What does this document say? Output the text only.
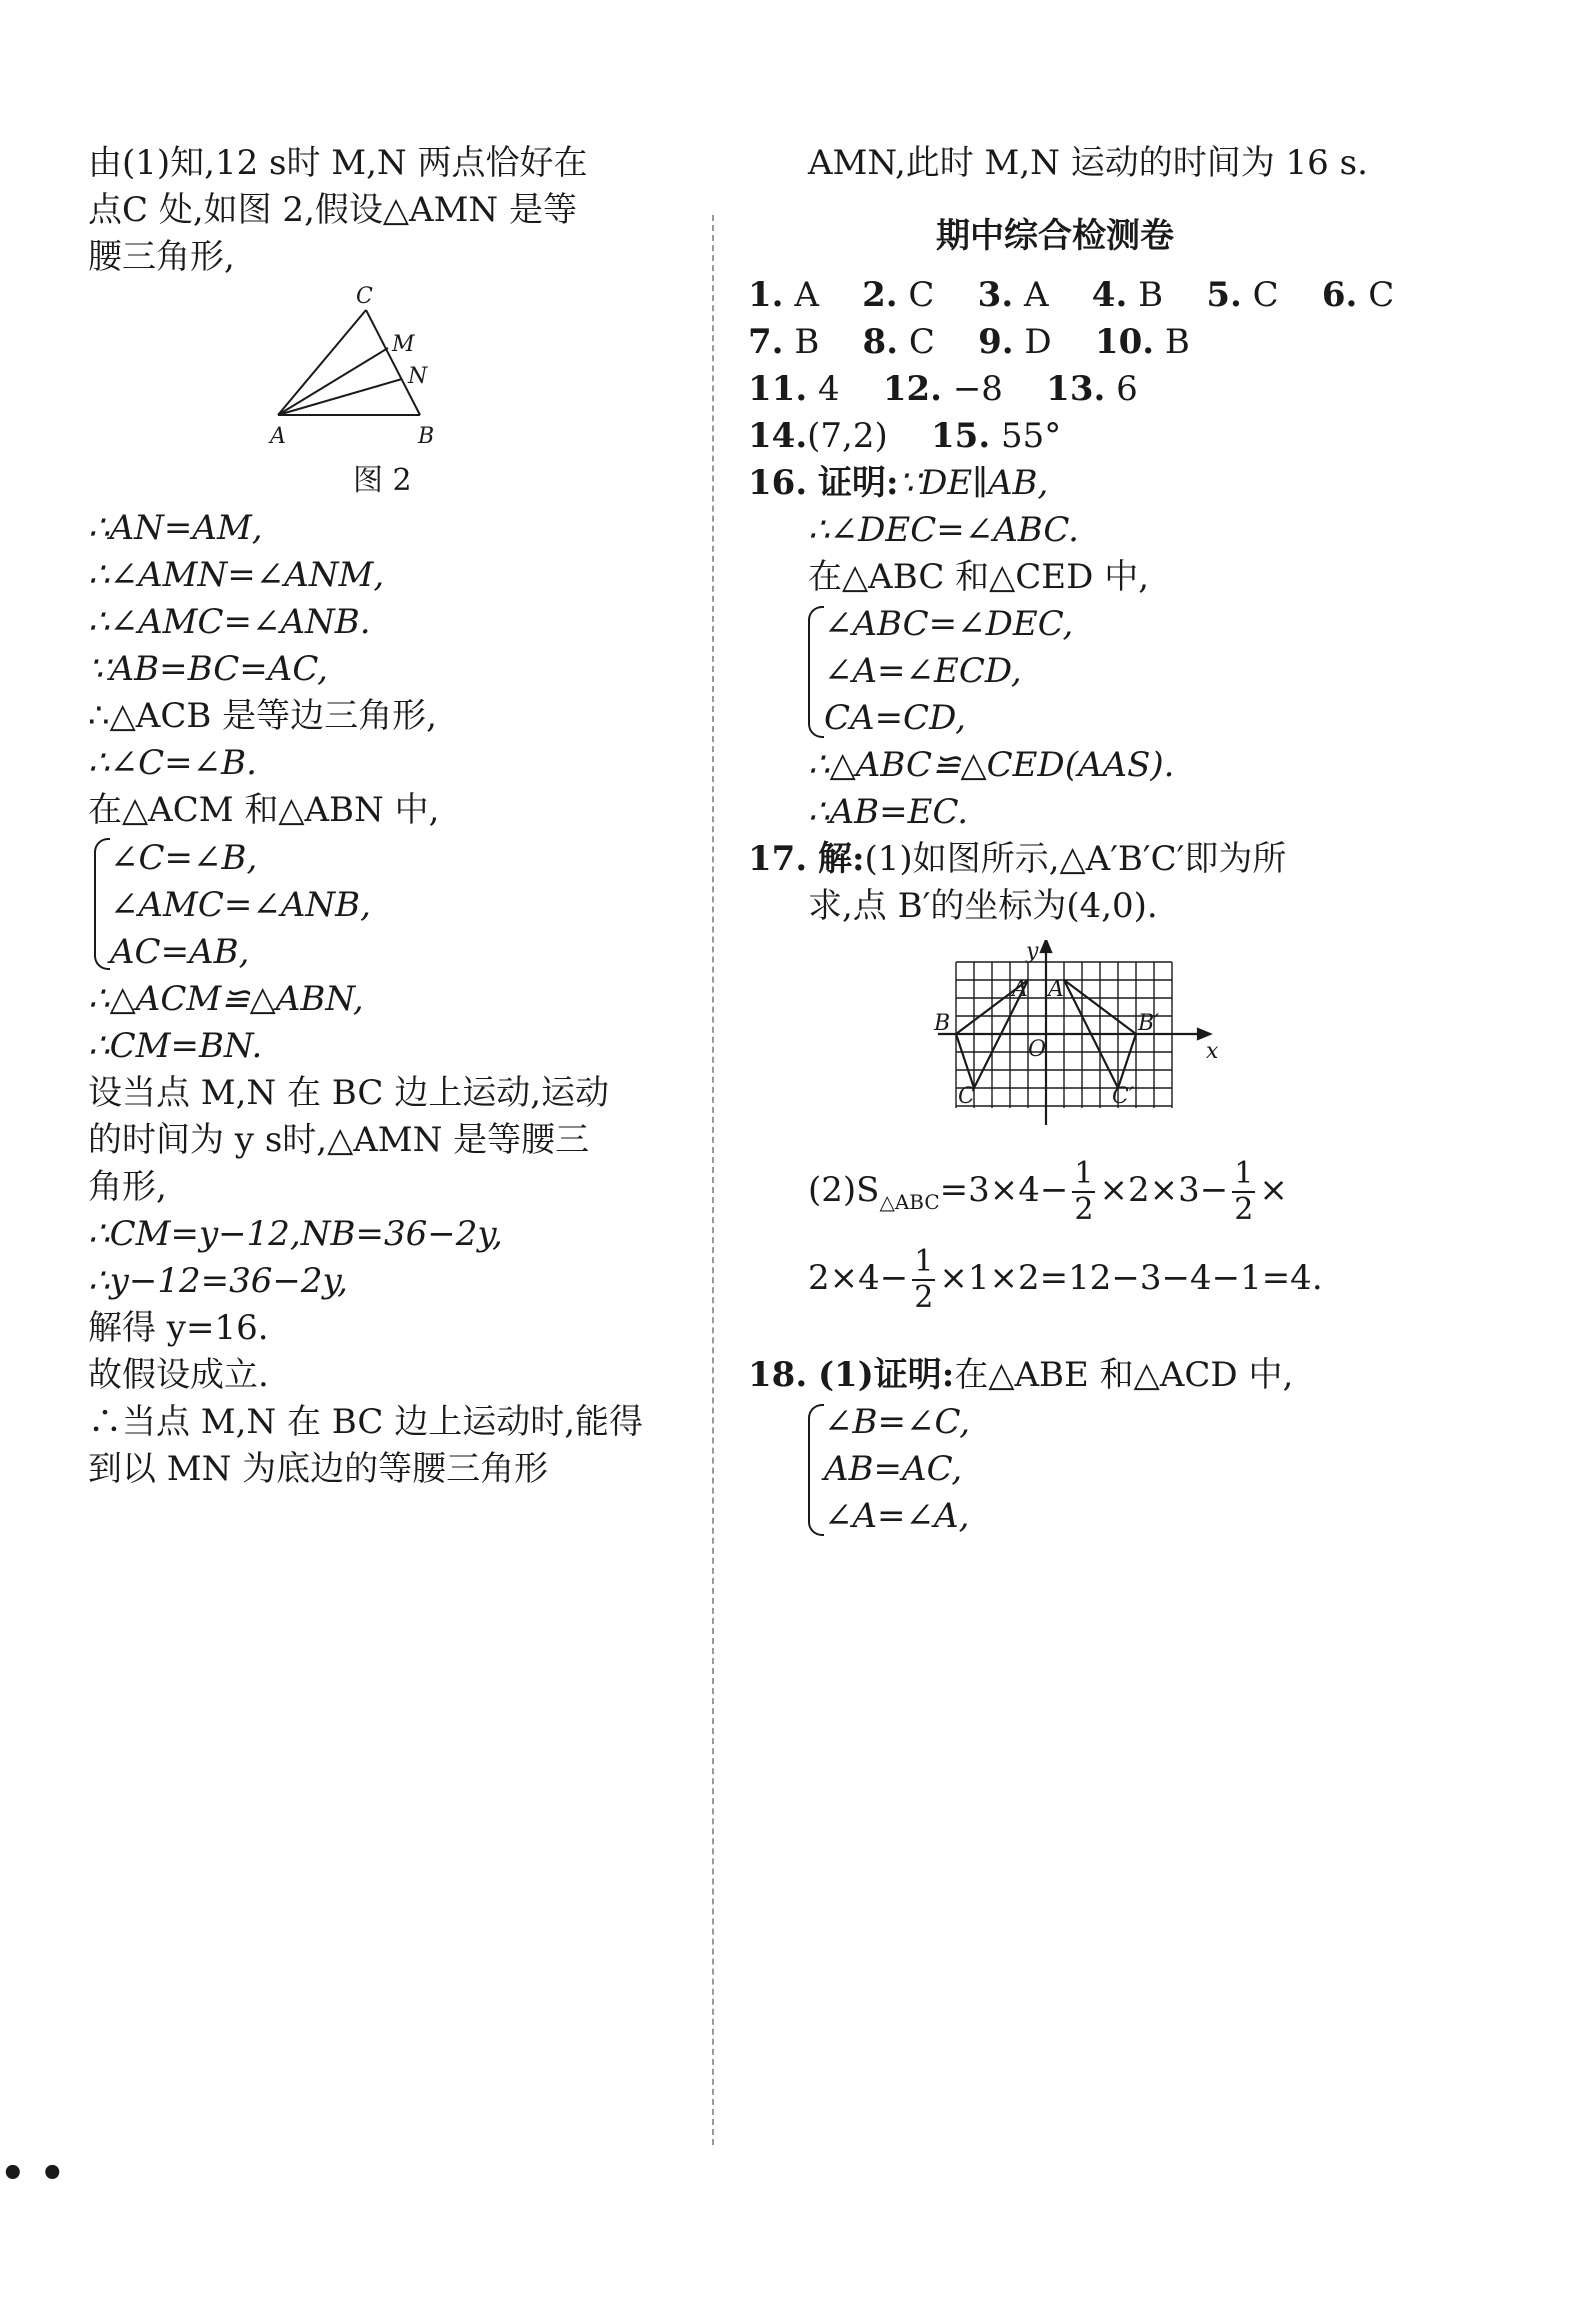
由(1)知,12 s时 M,N 两点恰好在
点C 处,如图 2,假设△AMN 是等
腰三角形,
C
M
N
A	B
图 2
∴AN=AM,
∴∠AMN=∠ANM,
∴∠AMC=∠ANB.
∵AB=BC=AC,
∴△ACB 是等边三角形,
∴∠C=∠B.
在△ACM 和△ABN 中,
∠C=∠B,
∠AMC=∠ANB,
AC=AB,
∴△ACM≌△ABN,
∴CM=BN.
设当点 M,N 在 BC 边上运动,运动
的时间为 y s时,△AMN 是等腰三
角形,
∴CM=y−12,NB=36−2y,
∴y−12=36−2y,
解得 y=16.
故假设成立.
∴当点 M,N 在 BC 边上运动时,能得
到以 MN 为底边的等腰三角形
• •
AMN,此时 M,N 运动的时间为 16 s.
期中综合检测卷
1. A 2. C 3. A 4. B 5. C 6. C
7. B 8. C 9. D 10. B
11. 4 12. −8 13. 6
14.(7,2) 15. 55°
16. 证明:∵DE∥AB,
∴∠DEC=∠ABC.
在△ABC 和△CED 中,
∠ABC=∠DEC,
∠A=∠ECD,
CA=CD,
∴△ABC≌△CED(AAS).
∴AB=EC.
17. 解:(1)如图所示,△A′B′C′即为所
求,点 B′的坐标为(4,0).
y
x
O
A A′
B	B′
C	C′
$(2)S_{\triangle ABC}=3\times 4- \frac{1}{2} \times 2\times 3- \frac{1}{2}$ ×
$2\times 4- \frac{1}{2} \times 1\times 2=12-3-4-1=4$.
18. (1)证明:在△ABE 和△ACD 中,
∠B=∠C,
AB=AC,
∠A=∠A,
